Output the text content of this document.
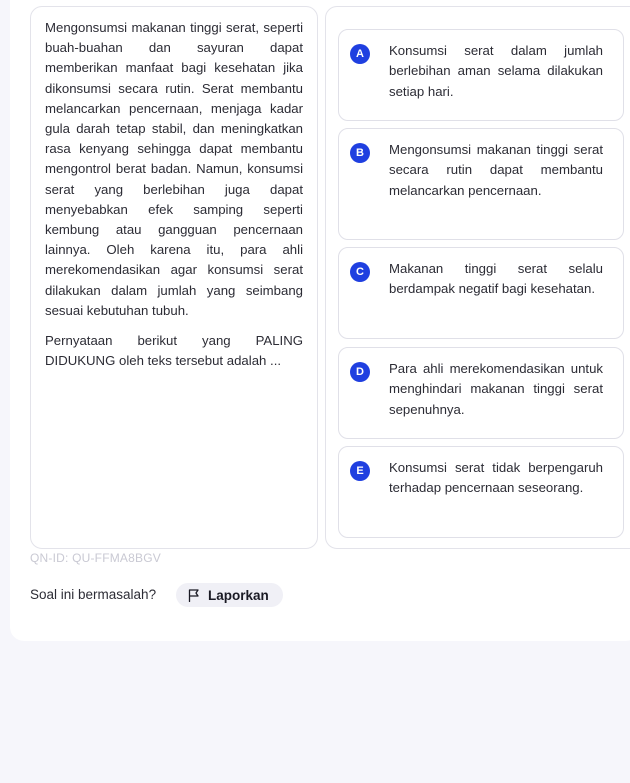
Mengonsumsi makanan tinggi serat, seperti buah-buahan dan sayuran dapat memberikan manfaat bagi kesehatan jika dikonsumsi secara rutin. Serat membantu melancarkan pencernaan, menjaga kadar gula darah tetap stabil, dan meningkatkan rasa kenyang sehingga dapat membantu mengontrol berat badan. Namun, konsumsi serat yang berlebihan juga dapat menyebabkan efek samping seperti kembung atau gangguan pencernaan lainnya. Oleh karena itu, para ahli merekomendasikan agar konsumsi serat dilakukan dalam jumlah yang seimbang sesuai kebutuhan tubuh.

Pernyataan berikut yang PALING DIDUKUNG oleh teks tersebut adalah ...

A	Konsumsi serat dalam jumlah berlebihan aman selama dilakukan setiap hari.
B	Mengonsumsi makanan tinggi serat secara rutin dapat membantu melancarkan pencernaan.
C	Makanan tinggi serat selalu berdampak negatif bagi kesehatan.
D	Para ahli merekomendasikan untuk menghindari makanan tinggi serat sepenuhnya.
E	Konsumsi serat tidak berpengaruh terhadap pencernaan seseorang.
QN-ID: QU-FFMA8BGV
Soal ini bermasalah?	Laporkan
